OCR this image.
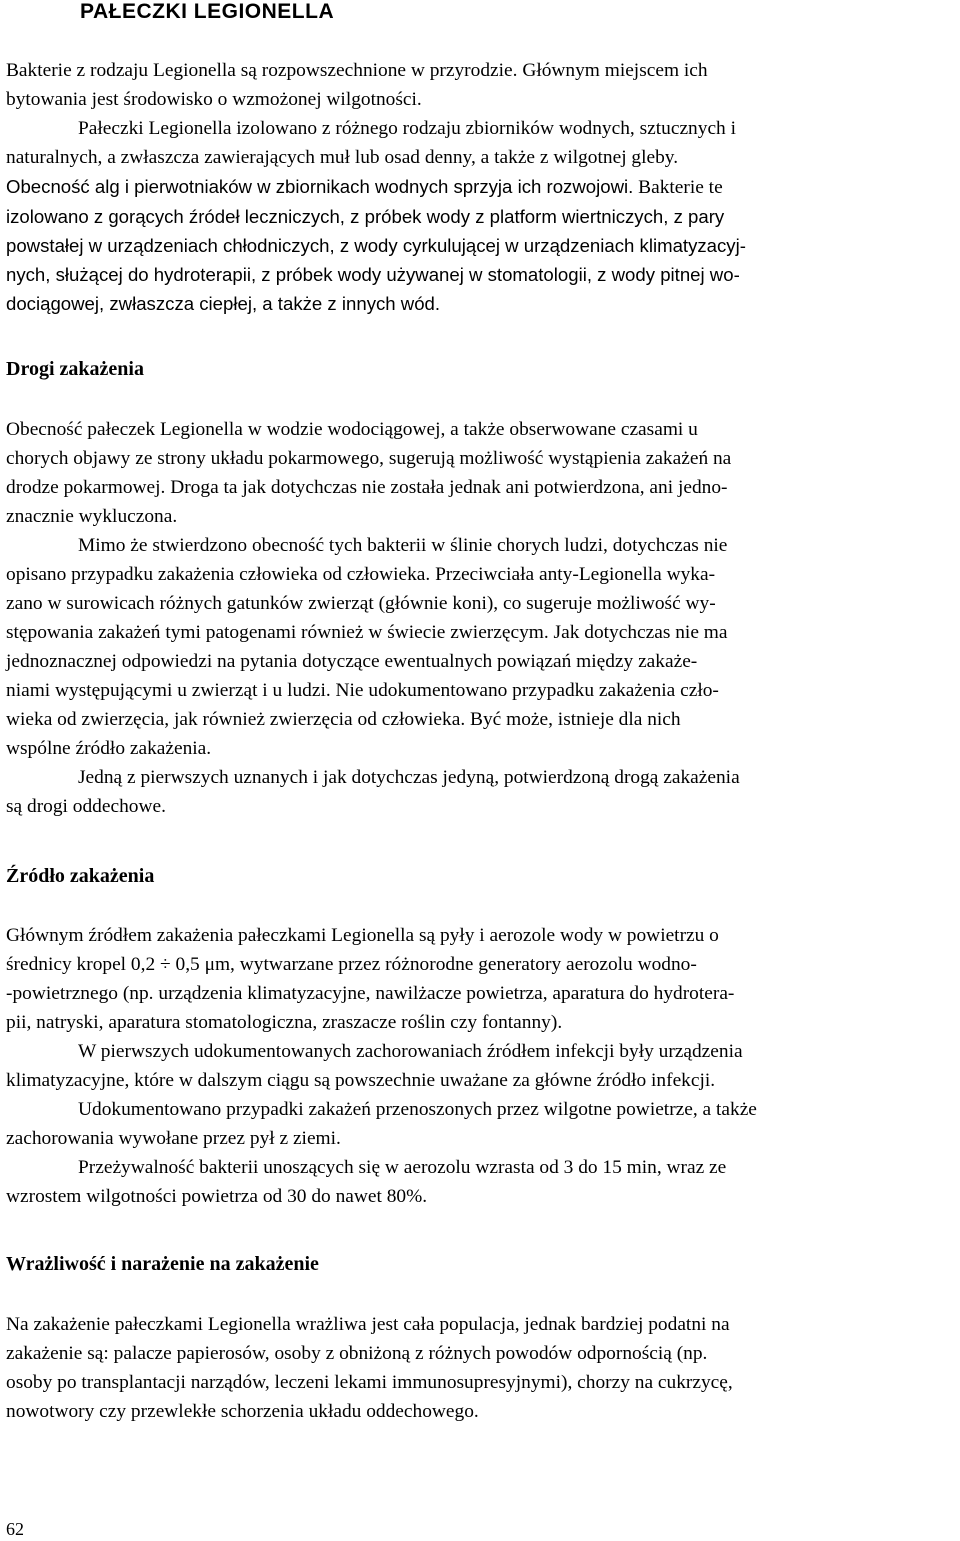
PAŁECZKI LEGIONELLA
Bakterie z rodzaju Legionella są rozpowszechnione w przyrodzie. Głównym miejscem ich
bytowania jest środowisko o wzmożonej wilgotności.
Pałeczki Legionella izolowano z różnego rodzaju zbiorników wodnych, sztucznych i
naturalnych, a zwłaszcza zawierających muł lub osad denny, a także z wilgotnej gleby.
Obecność alg i pierwotniaków w zbiornikach wodnych sprzyja ich rozwojowi. Bakterie te
izolowano z gorących źródeł leczniczych, z próbek wody z platform wiertniczych, z pary
powstałej w urządzeniach chłodniczych, z wody cyrkulującej w urządzeniach klimatyzacyj-
nych, służącej do hydroterapii, z próbek wody używanej w stomatologii, z wody pitnej wo-
dociągowej, zwłaszcza ciepłej, a także z innych wód.
Drogi zakażenia
Obecność pałeczek Legionella w wodzie wodociągowej, a także obserwowane czasami u
chorych objawy ze strony układu pokarmowego, sugerują możliwość wystąpienia zakażeń na
drodze pokarmowej. Droga ta jak dotychczas nie została jednak ani potwierdzona, ani jedno-
znacznie wykluczona.
Mimo że stwierdzono obecność tych bakterii w ślinie chorych ludzi, dotychczas nie
opisano przypadku zakażenia człowieka od człowieka. Przeciwciała anty-Legionella wyka-
zano w surowicach różnych gatunków zwierząt (głównie koni), co sugeruje możliwość wy-
stępowania zakażeń tymi patogenami również w świecie zwierzęcym. Jak dotychczas nie ma
jednoznacznej odpowiedzi na pytania dotyczące ewentualnych powiązań między zakaże-
niami występującymi u zwierząt i u ludzi. Nie udokumentowano przypadku zakażenia czło-
wieka od zwierzęcia, jak również zwierzęcia od człowieka. Być może, istnieje dla nich
wspólne źródło zakażenia.
Jedną z pierwszych uznanych i jak dotychczas jedyną, potwierdzoną drogą zakażenia
są drogi oddechowe.
Źródło zakażenia
Głównym źródłem zakażenia pałeczkami Legionella są pyły i aerozole wody w powietrzu o
średnicy kropel 0,2 ÷ 0,5 μm, wytwarzane przez różnorodne generatory aerozolu wodno-
-powietrznego (np. urządzenia klimatyzacyjne, nawilżacze powietrza, aparatura do hydrotera-
pii, natryski, aparatura stomatologiczna, zraszacze roślin czy fontanny).
W pierwszych udokumentowanych zachorowaniach źródłem infekcji były urządzenia
klimatyzacyjne, które w dalszym ciągu są powszechnie uważane za główne źródło infekcji.
Udokumentowano przypadki zakażeń przenoszonych przez wilgotne powietrze, a także
zachorowania wywołane przez pył z ziemi.
Przeżywalność bakterii unoszących się w aerozolu wzrasta od 3 do 15 min, wraz ze
wzrostem wilgotności powietrza od 30 do nawet 80%.
Wrażliwość i narażenie na zakażenie
Na zakażenie pałeczkami Legionella wrażliwa jest cała populacja, jednak bardziej podatni na
zakażenie są: palacze papierosów, osoby z obniżoną z różnych powodów odpornością (np.
osoby po transplantacji narządów, leczeni lekami immunosupresyjnymi), chorzy na cukrzycę,
nowotwory czy przewlekłe schorzenia układu oddechowego.
62
